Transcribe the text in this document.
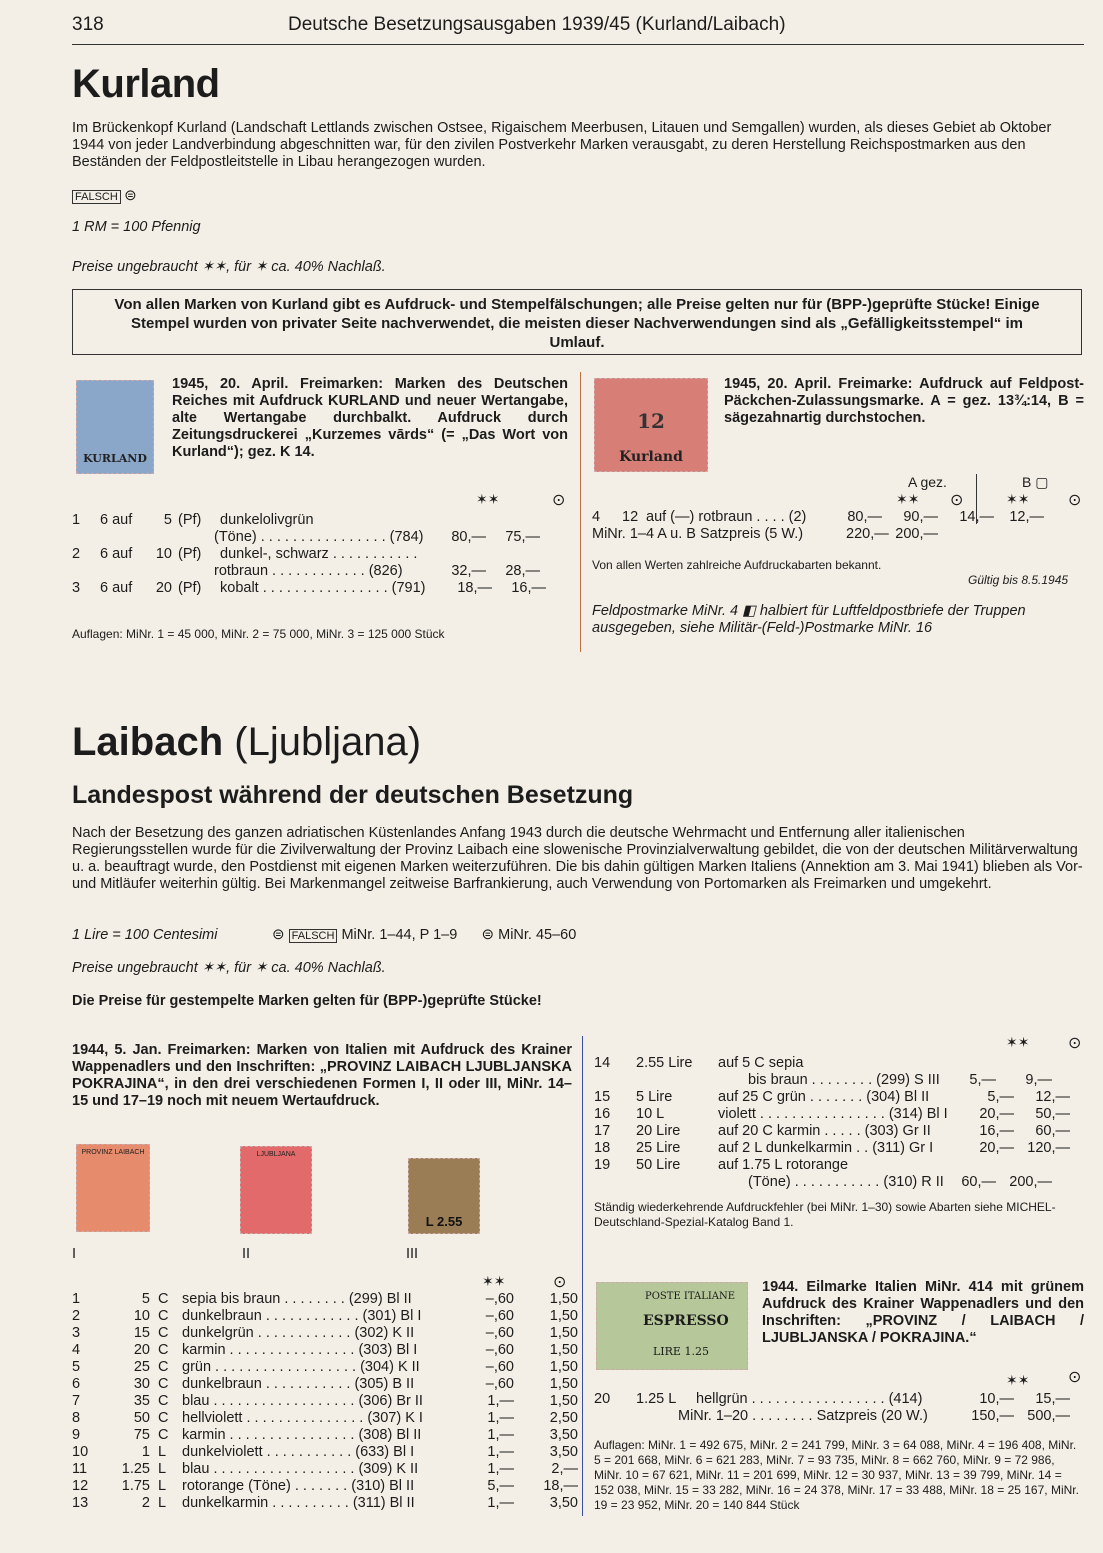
318	Deutsche Besetzungsausgaben 1939/45 (Kurland/Laibach)
Kurland
Im Brückenkopf Kurland (Landschaft Lettlands zwischen Ostsee, Rigaischem Meerbusen, Litauen und Semgallen) wurden, als dieses Gebiet ab Oktober 1944 von jeder Landverbindung abgeschnitten war, für den zivilen Postverkehr Marken verausgabt, zu deren Herstellung Reichspostmarken aus den Beständen der Feldpostleitstelle in Libau herangezogen wurden.
FALSCH ⊜
1 RM = 100 Pfennig
Preise ungebraucht ✶✶, für ✶ ca. 40% Nachlaß.
Von allen Marken von Kurland gibt es Aufdruck- und Stempelfälschungen; alle Preise gelten nur für (BPP-)geprüfte Stücke! Einige Stempel wurden von privater Seite nachverwendet, die meisten dieser Nachverwendungen sind als „Gefälligkeitsstempel“ im Umlauf.
KURLAND
1945, 20. April. Freimarken: Marken des Deutschen Reiches mit Aufdruck KURLAND und neuer Wertangabe, alte Wertangabe durchbalkt. Aufdruck durch Zeitungsdruckerei „Kurzemes vārds“ (= „Das Wort von Kurland“); gez. K 14.
✶✶	⊙
1	6 auf	5 (Pf)	dunkelolivgrün
(Töne) . . . . . . . . . . . . . . . . (784)	80,—	75,—
2	6 auf	10 (Pf)	dunkel-, schwarz . . . . . . . . . . .
rotbraun . . . . . . . . . . . . (826)	32,—	28,—
3	6 auf	20 (Pf)	kobalt . . . . . . . . . . . . . . . . (791)	18,—	16,—
Auflagen: MiNr. 1 = 45 000, MiNr. 2 = 75 000, MiNr. 3 = 125 000 Stück
12
Kurland
1945, 20. April. Freimarke: Aufdruck auf Feldpost-Päckchen-Zulassungsmarke. A = gez. 13¾:14, B = sägezahnartig durchstochen.
A gez.	B ▢
✶✶ ⊙	✶✶ ⊙
4	12 auf (—) rotbraun . . . . (2)	80,—	90,—	14,—	12,—
MiNr. 1–4 A u. B Satzpreis (5 W.)	220,— 200,—
Von allen Werten zahlreiche Aufdruckabarten bekannt.
Gültig bis 8.5.1945
Feldpostmarke MiNr. 4 ◧ halbiert für Luftfeldpostbriefe der Truppen ausgegeben, siehe Militär-(Feld-)Postmarke MiNr. 16
Laibach (Ljubljana)
Landespost während der deutschen Besetzung
Nach der Besetzung des ganzen adriatischen Küstenlandes Anfang 1943 durch die deutsche Wehrmacht und Entfernung aller italienischen Regierungsstellen wurde für die Zivilverwaltung der Provinz Laibach eine slowenische Provinzialverwaltung gebildet, die von der deutschen Militärverwaltung u. a. beauftragt wurde, den Postdienst mit eigenen Marken weiterzuführen. Die bis dahin gültigen Marken Italiens (Annektion am 3. Mai 1941) blieben als Vor- und Mitläufer weiterhin gültig. Bei Markenmangel zeitweise Barfrankierung, auch Verwendung von Portomarken als Freimarken und umgekehrt.
1 Lire = 100 Centesimi	⊜ FALSCH MiNr. 1–44, P 1–9 ⊜ MiNr. 45–60
Preise ungebraucht ✶✶, für ✶ ca. 40% Nachlaß.
Die Preise für gestempelte Marken gelten für (BPP-)geprüfte Stücke!
1944, 5. Jan. Freimarken: Marken von Italien mit Aufdruck des Krainer Wappenadlers und den Inschriften: „PROVINZ LAIBACH LJUBLJANSKA POKRAJINA“, in den drei verschiedenen Formen I, II oder III, MiNr. 14–15 und 17–19 noch mit neuem Wertaufdruck.
PROVINZ LAIBACH	LJUBLJANA
L 2.55
I	II	III
✶✶	⊙
1	5 C sepia bis braun . . . . . . . . (299) Bl II	–,60	1,50
2	10 C dunkelbraun . . . . . . . . . . . . (301) Bl I	–,60	1,50
3	15 C dunkelgrün . . . . . . . . . . . . (302) K II	–,60	1,50
4	20 C karmin . . . . . . . . . . . . . . . . (303) Bl I	–,60	1,50
5	25 C grün . . . . . . . . . . . . . . . . . . (304) K II	–,60	1,50
6	30 C dunkelbraun . . . . . . . . . . . (305) B II	–,60	1,50
7	35 C blau . . . . . . . . . . . . . . . . . . (306) Br II	1,—	1,50
8	50 C hellviolett . . . . . . . . . . . . . . . (307) K I	1,—	2,50
9	75 C karmin . . . . . . . . . . . . . . . . (308) Bl II	1,—	3,50
10	1 L	dunkelviolett . . . . . . . . . . . (633) Bl I	1,—	3,50
11	1.25 L	blau . . . . . . . . . . . . . . . . . . (309) K II	1,—	2,—
12	1.75 L	rotorange (Töne) . . . . . . . (310) Bl II	5,—	18,—
13	2 L	dunkelkarmin . . . . . . . . . . (311) Bl II	1,—	3,50
✶✶ ⊙
14	2.55 Lire	auf 5 C sepia
bis braun . . . . . . . . (299) S III	5,—	9,—
15	5 Lire	auf 25 C grün . . . . . . . (304) Bl II	5,—	12,—
16	10 L	violett . . . . . . . . . . . . . . . . (314) Bl I	20,—	50,—
17	20 Lire	auf 20 C karmin . . . . . (303) Gr II	16,—	60,—
18	25 Lire	auf 2 L dunkelkarmin . . (311) Gr I	20,— 120,—
19	50 Lire	auf 1.75 L rotorange
(Töne) . . . . . . . . . . . (310) R II	60,— 200,—
Ständig wiederkehrende Aufdruckfehler (bei MiNr. 1–30) sowie Abarten siehe MICHEL-Deutschland-Spezial-Katalog Band 1.
POSTE ITALIANE
ESPRESSO
LIRE 1.25
1944. Eilmarke Italien MiNr. 414 mit grünem Aufdruck des Krainer Wappenadlers und den Inschriften: „PROVINZ / LAIBACH / LJUBLJANSKA / POKRAJINA.“
✶✶ ⊙
20	1.25 L	hellgrün . . . . . . . . . . . . . . . . . (414)	10,—	15,—
MiNr. 1–20 . . . . . . . . Satzpreis (20 W.)	150,— 500,—
Auflagen: MiNr. 1 = 492 675, MiNr. 2 = 241 799, MiNr. 3 = 64 088, MiNr. 4 = 196 408, MiNr. 5 = 201 668, MiNr. 6 = 621 283, MiNr. 7 = 93 735, MiNr. 8 = 662 760, MiNr. 9 = 72 986, MiNr. 10 = 67 621, MiNr. 11 = 201 699, MiNr. 12 = 30 937, MiNr. 13 = 39 799, MiNr. 14 = 152 038, MiNr. 15 = 33 282, MiNr. 16 = 24 378, MiNr. 17 = 33 488, MiNr. 18 = 25 167, MiNr. 19 = 23 952, MiNr. 20 = 140 844 Stück
